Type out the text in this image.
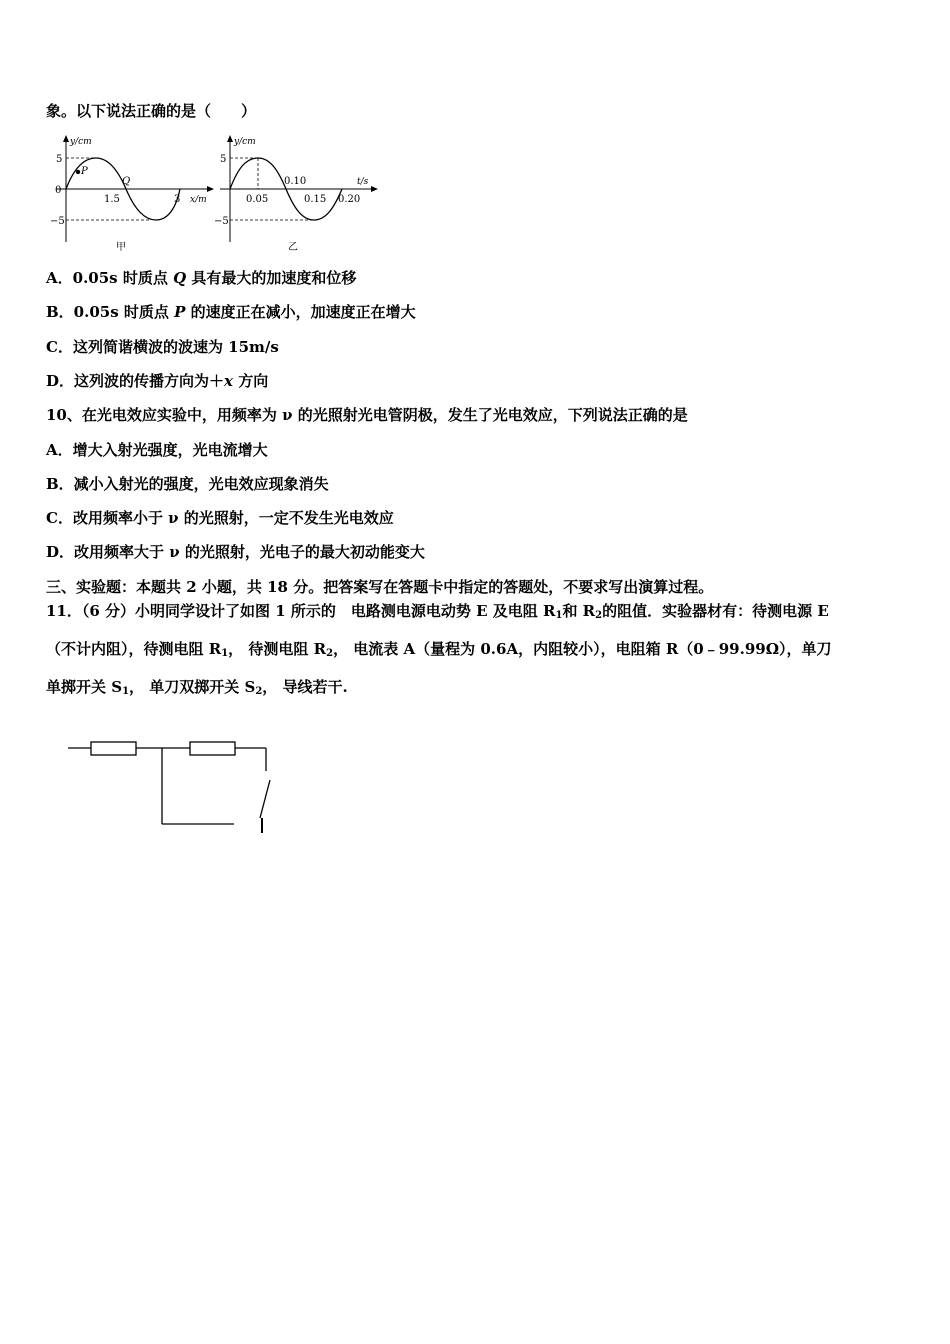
象。以下说法正确的是（　　）
y/cm
5
0
−5
P
Q
1.5	3 x/m
甲
y/cm
5
−5
0.05
0.10
0.15 0.20
t/s
乙
A．0.05s 时质点 Q 具有最大的加速度和位移
B．0.05s 时质点 P 的速度正在减小，加速度正在增大
C．这列简谐横波的波速为 15m/s
D．这列波的传播方向为＋x 方向
10、在光电效应实验中，用频率为 ν 的光照射光电管阴极，发生了光电效应，下列说法正确的是
A．增大入射光强度，光电流增大
B．减小入射光的强度，光电效应现象消失
C．改用频率小于 ν 的光照射，一定不发生光电效应
D．改用频率大于 ν 的光照射，光电子的最大初动能变大
三、实验题：本题共 2 小题，共 18 分。把答案写在答题卡中指定的答题处，不要求写出演算过程。
11．（6 分）小明同学设计了如图 1 所示的　电路测电源电动势 E 及电阻 $R_1$和 $R_2$的阻值．实验器材有：待测电源 E
（不计内阻），待测电阻 $R_1$， 待测电阻 $R_2$， 电流表 A（量程为 0.6A，内阻较小），电阻箱 R（0﹣99.99Ω），单刀
单掷开关 $S_1$， 单刀双掷开关 $S_2$， 导线若干.
